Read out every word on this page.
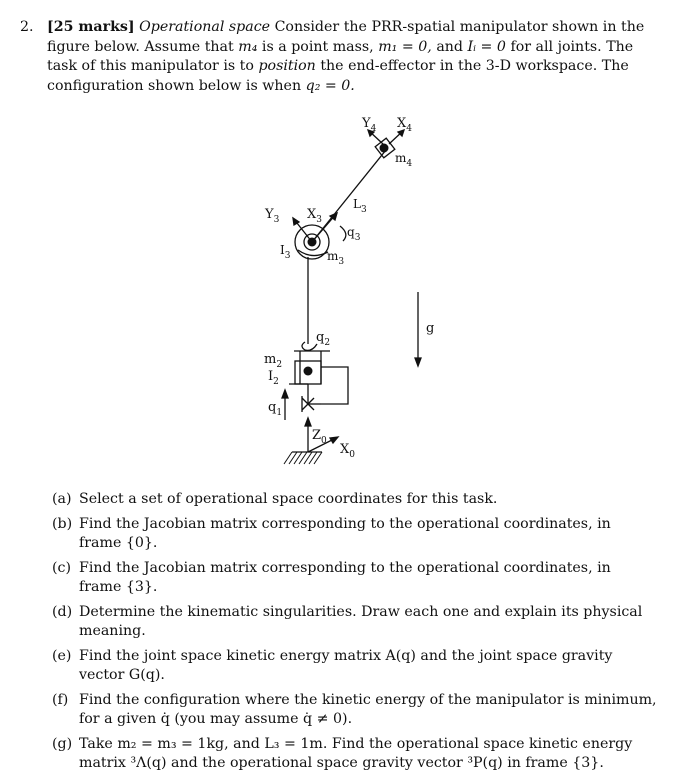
2. [25 marks] Operational space Consider the PRR-spatial manipulator shown in the figure below. Assume that m₄ is a point mass, m₁ = 0, and Iᵢ = 0 for all joints. The task of this manipulator is to position the end-effector in the 3-D workspace. The configuration shown below is when q₂ = 0.
$Y_4$ $X_4$
$m_4$
$L_3$
$Y_3$ $X_3$
$q_3$
$I_3$	$m_3$
$q_2$
$m_2$
$I_2$
$q_1$
$Z_0$
$X_0$
g
(a) Select a set of operational space coordinates for this task.
(b) Find the Jacobian matrix corresponding to the operational coordinates, in frame {0}.
(c) Find the Jacobian matrix corresponding to the operational coordinates, in frame {3}.
(d) Determine the kinematic singularities. Draw each one and explain its physical meaning.
(e) Find the joint space kinetic energy matrix A(q) and the joint space gravity vector G(q).
(f) Find the configuration where the kinetic energy of the manipulator is minimum, for a given q̇ (you may assume q̇ ≠ 0).
(g) Take m₂ = m₃ = 1kg, and L₃ = 1m. Find the operational space kinetic energy matrix ³Λ(q) and the operational space gravity vector ³P(q) in frame {3}.
